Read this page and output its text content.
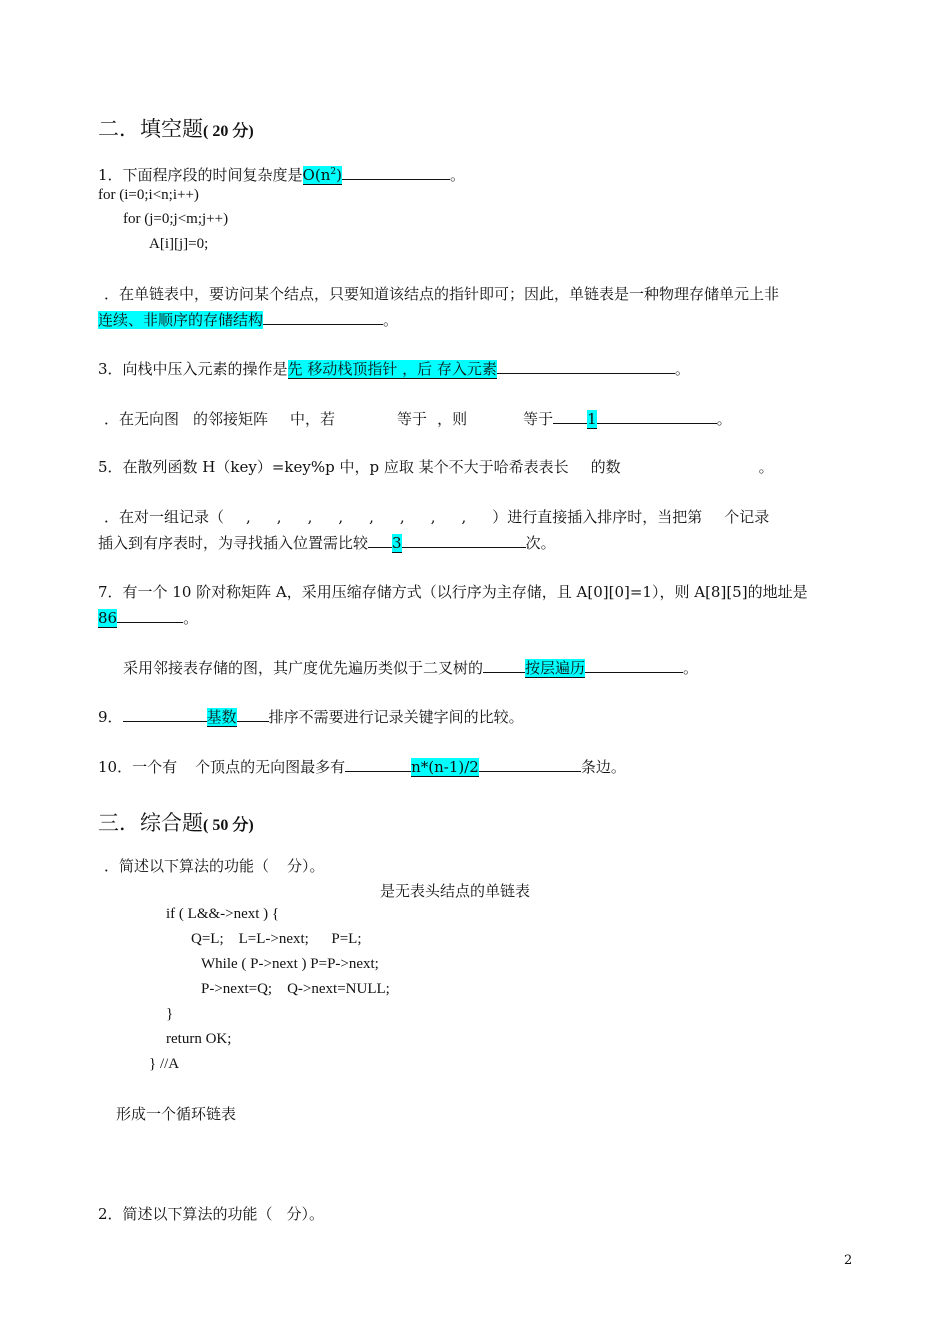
二．填空题( 20 分)
1．下面程序段的时间复杂度是$O(n^2)$	。
for (i=0;i<n;i++)
for (j=0;j<m;j++)
A[i][j]=0;
．在单链表中，要访问某个结点，只要知道该结点的指针即可；因此，单链表是一种物理存储单元上非
连续、非顺序的存储结构	。
3．向栈中压入元素的操作是先 移动栈顶指针 ，后 存入元素	。
．在无向图 的邻接矩阵 中，若	等于 ，则	等于 1	。
5．在散列函数 H（key）=key%p 中，p 应取 某个不大于哈希表表长 的数	。
．在对一组记录（ , , , , , , , , ）进行直接插入排序时，当把第 个记录
插入到有序表时，为寻找插入位置需比较 3	次。
7．有一个 10 阶对称矩阵 A，采用压缩存储方式（以行序为主存储，且 A[0][0]=1），则 A[8][5]的地址是
86	。
采用邻接表存储的图，其广度优先遍历类似于二叉树的	按层遍历	。
9．	基数 排序不需要进行记录关键字间的比较。
10．一个有 个顶点的无向图最多有	n*(n-1)/2	条边。
三．综合题( 50 分)
．简述以下算法的功能（ 分）。
是无表头结点的单链表
if ( L&&->next ) {
Q=L;    L=L->next;      P=L;
While ( P->next ) P=P->next;
P->next=Q;    Q->next=NULL;
}
return OK;
} //A
形成一个循环链表
2．简述以下算法的功能（ 分）。
2
